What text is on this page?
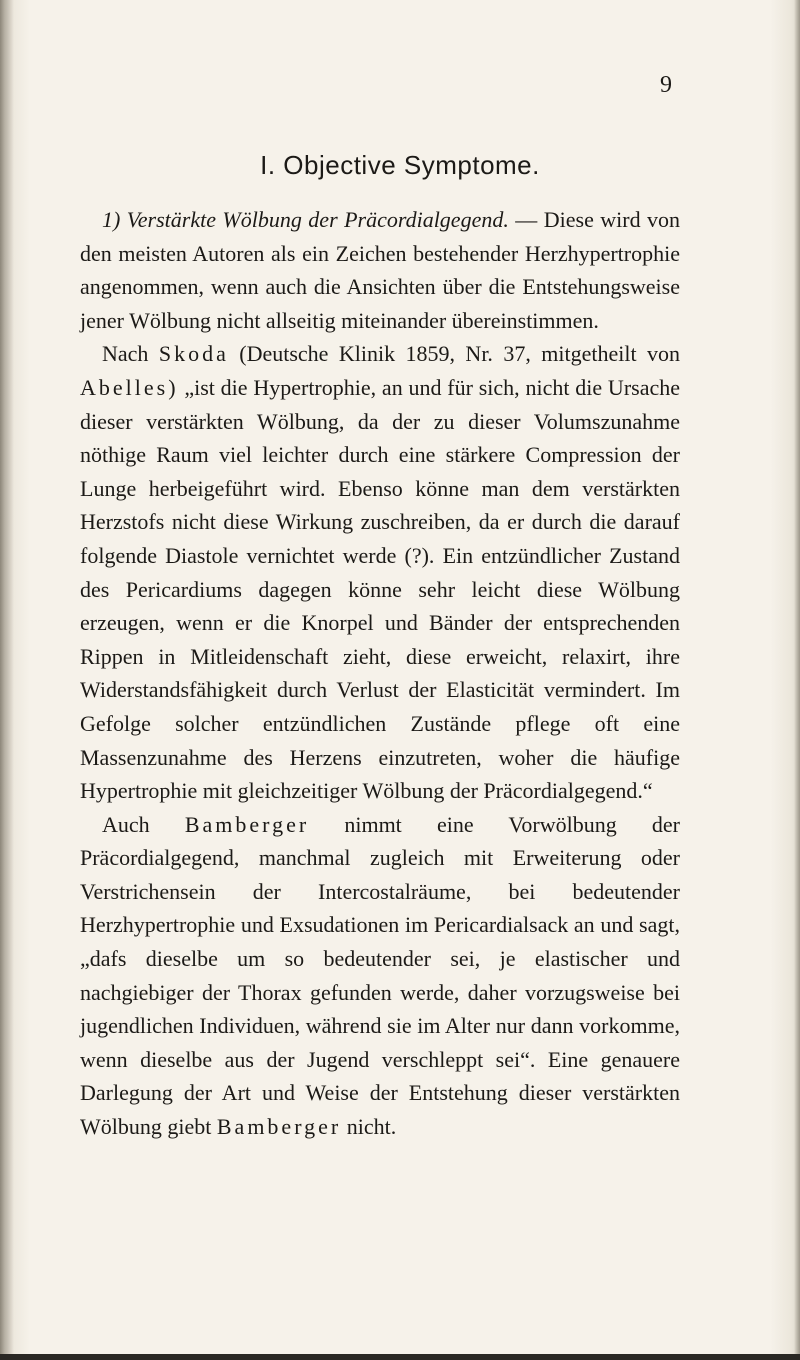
9
I. Objective Symptome.

1) Verstärkte Wölbung der Präcordialgegend. — Diese wird von den meisten Autoren als ein Zeichen bestehender Herzhypertrophie angenommen, wenn auch die Ansichten über die Entstehungsweise jener Wölbung nicht allseitig miteinander übereinstimmen.

Nach Skoda (Deutsche Klinik 1859, Nr. 37, mitgetheilt von Abelles) „ist die Hypertrophie, an und für sich, nicht die Ursache dieser verstärkten Wölbung, da der zu dieser Volumszunahme nöthige Raum viel leichter durch eine stärkere Compression der Lunge herbeigeführt wird. Ebenso könne man dem verstärkten Herzstofs nicht diese Wirkung zuschreiben, da er durch die darauf folgende Diastole vernichtet werde (?). Ein entzündlicher Zustand des Pericardiums dagegen könne sehr leicht diese Wölbung erzeugen, wenn er die Knorpel und Bänder der entsprechenden Rippen in Mitleidenschaft zieht, diese erweicht, relaxirt, ihre Widerstandsfähigkeit durch Verlust der Elasticität vermindert. Im Gefolge solcher entzündlichen Zustände pflege oft eine Massenzunahme des Herzens einzutreten, woher die häufige Hypertrophie mit gleichzeitiger Wölbung der Präcordialgegend.“

Auch Bamberger nimmt eine Vorwölbung der Präcordialgegend, manchmal zugleich mit Erweiterung oder Verstrichensein der Intercostalräume, bei bedeutender Herzhypertrophie und Exsudationen im Pericardialsack an und sagt, „dafs dieselbe um so bedeutender sei, je elastischer und nachgiebiger der Thorax gefunden werde, daher vorzugsweise bei jugendlichen Individuen, während sie im Alter nur dann vorkomme, wenn dieselbe aus der Jugend verschleppt sei“. Eine genauere Darlegung der Art und Weise der Entstehung dieser verstärkten Wölbung giebt Bamberger nicht.
